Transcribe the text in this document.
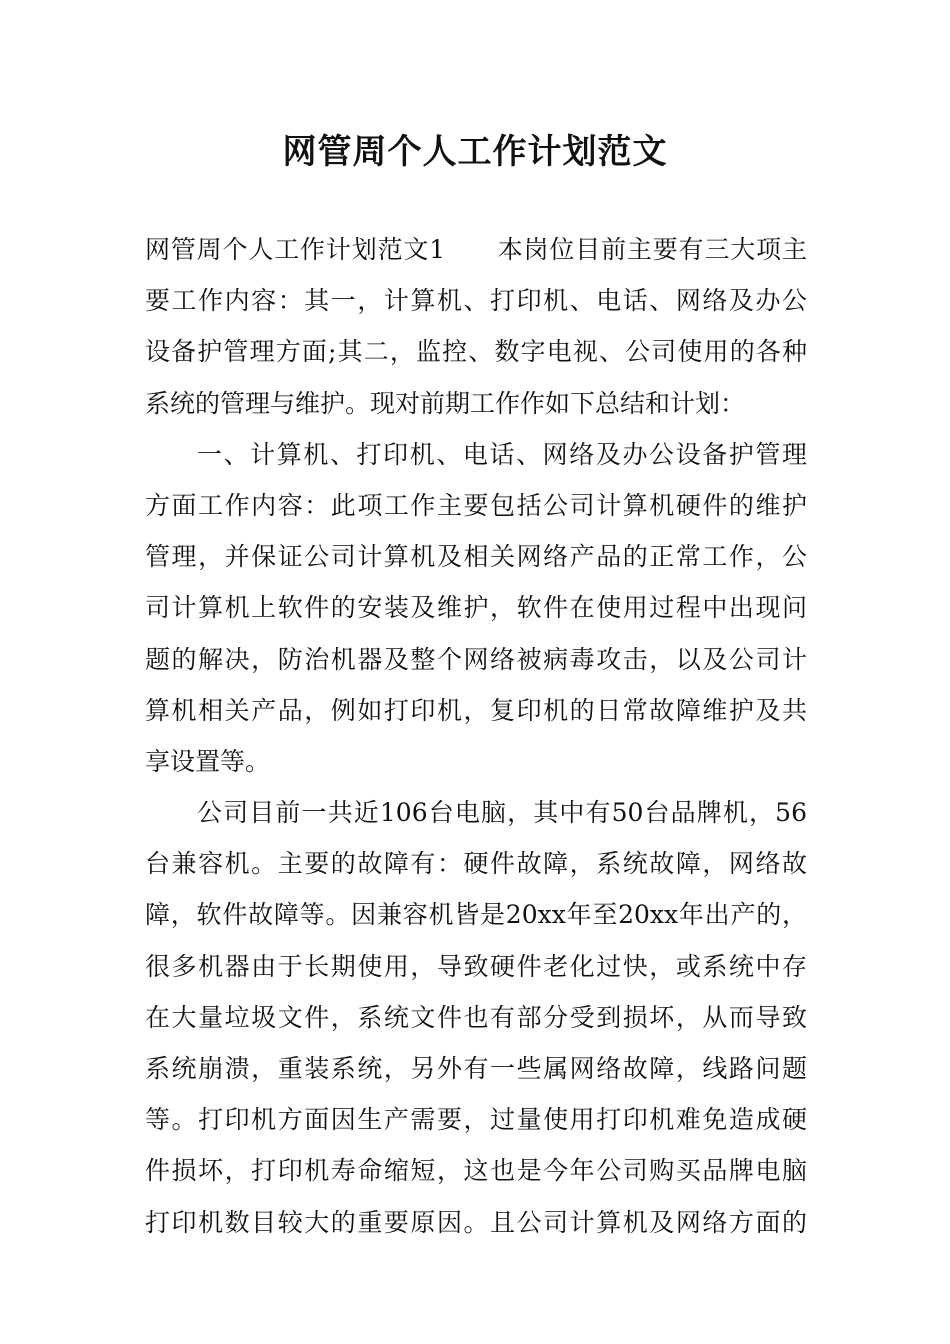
网管周个人工作计划范文
网管周个人工作计划范文1　　本岗位目前主要有三大项主
要工作内容：其一，计算机、打印机、电话、网络及办公
设备护管理方面;其二，监控、数字电视、公司使用的各种
系统的管理与维护。现对前期工作作如下总结和计划：
一、计算机、打印机、电话、网络及办公设备护管理
方面工作内容：此项工作主要包括公司计算机硬件的维护
管理，并保证公司计算机及相关网络产品的正常工作，公
司计算机上软件的安装及维护，软件在使用过程中出现问
题的解决，防治机器及整个网络被病毒攻击，以及公司计
算机相关产品，例如打印机，复印机的日常故障维护及共
享设置等。
公司目前一共近106台电脑，其中有50台品牌机，56
台兼容机。主要的故障有：硬件故障，系统故障，网络故
障，软件故障等。因兼容机皆是20xx年至20xx年出产的，
很多机器由于长期使用，导致硬件老化过快，或系统中存
在大量垃圾文件，系统文件也有部分受到损坏，从而导致
系统崩溃，重装系统，另外有一些属网络故障，线路问题
等。打印机方面因生产需要，过量使用打印机难免造成硬
件损坏，打印机寿命缩短，这也是今年公司购买品牌电脑
打印机数目较大的重要原因。且公司计算机及网络方面的
